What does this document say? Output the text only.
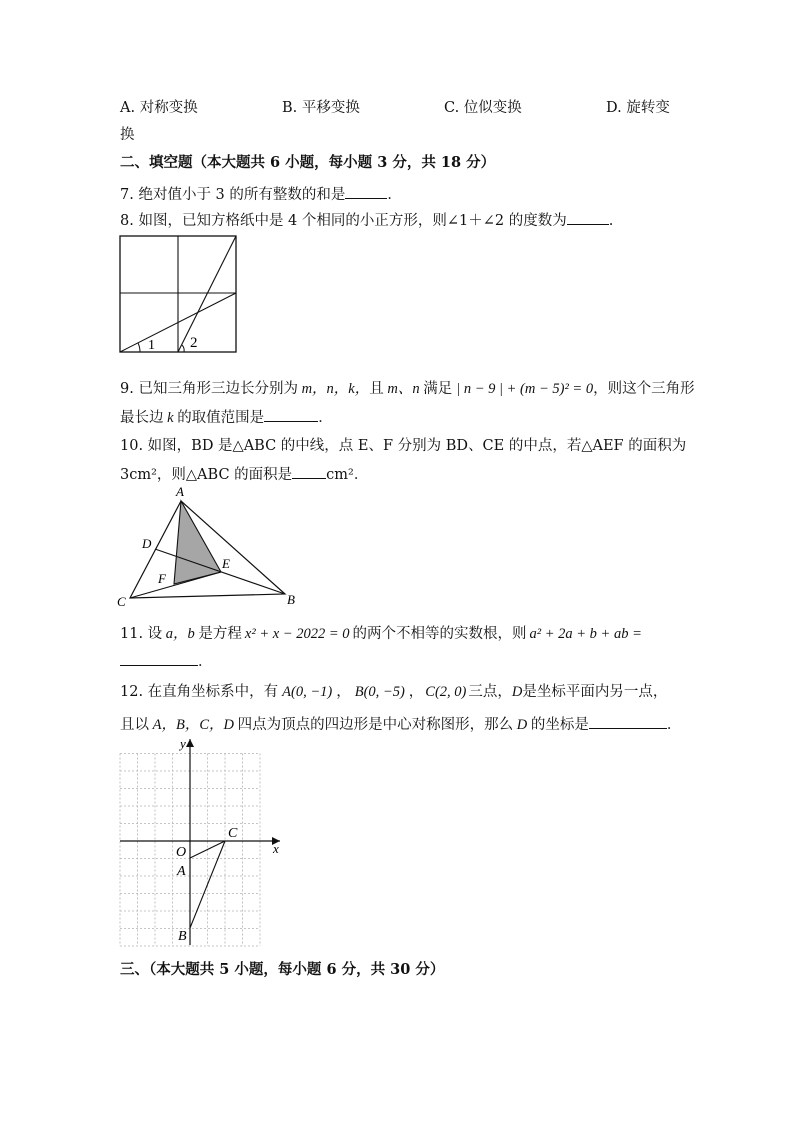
A. 对称变换	B. 平移变换	C. 位似变换	D. 旋转变
换
二、填空题（本大题共 6 小题，每小题 3 分，共 18 分）
7. 绝对值小于 3 的所有整数的和是	．
8. 如图，已知方格纸中是 4 个相同的小正方形，则∠1＋∠2 的度数为	.
1 2
9. 已知三角形三边长分别为 m，n，k，且 m、n 满足 | n − 9 | + (m − 5)² = 0，则这个三角形
最长边 k 的取值范围是	．
10. 如图，BD 是△ABC 的中线，点 E、F 分别为 BD、CE 的中点，若△AEF 的面积为
3cm²，则△ABC 的面积是 cm²．
A
D
E
F
C	B
11. 设 a，b 是方程 x² + x − 2022 = 0 的两个不相等的实数根，则 a² + 2a + b + ab =
．
12. 在直角坐标系中，有 A(0, −1) ， B(0, −5) ， C(2, 0) 三点，D是坐标平面内另一点，
且以 A，B，C，D 四点为顶点的四边形是中心对称图形，那么 D 的坐标是	．
x
y
O
A
B
C
三、（本大题共 5 小题，每小题 6 分，共 30 分）
